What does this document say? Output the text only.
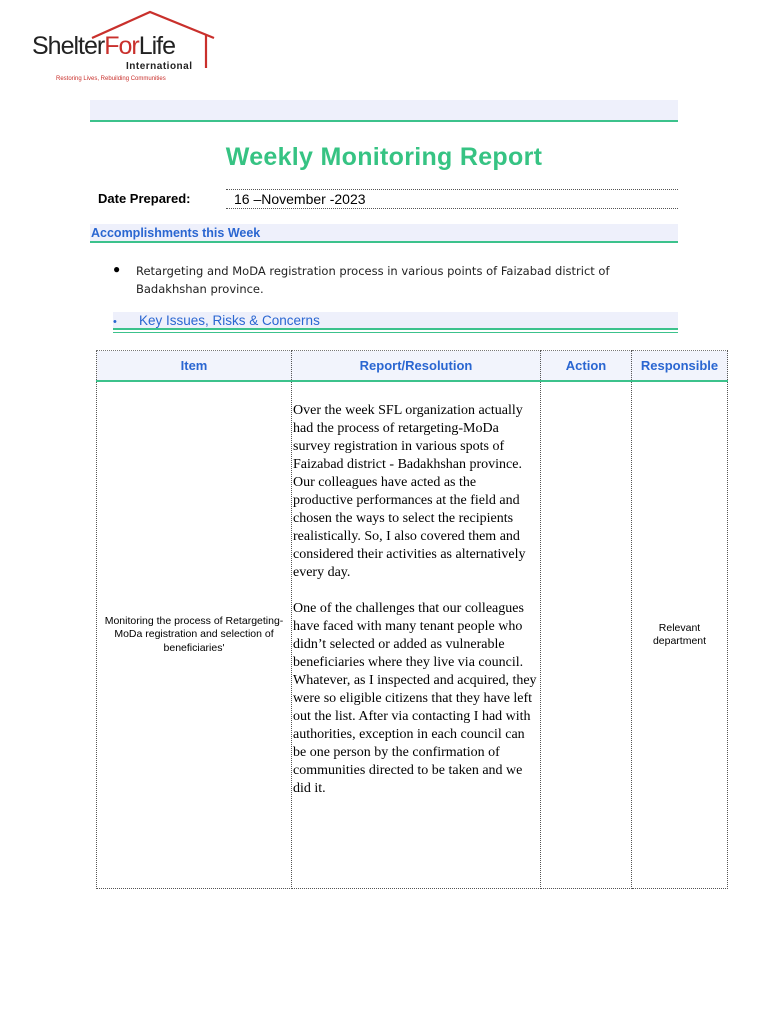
ShelterForLife
International
Restoring Lives, Rebuilding Communities
Weekly Monitoring Report
Date Prepared:	16 –November -2023
Accomplishments this Week
● Retargeting and MoDA registration process in various points of Faizabad district of Badakhshan province.
• Key Issues, Risks & Concerns
Item	Report/Resolution	Action	Responsible
Monitoring the process of Retargeting- MoDa registration and selection of beneficiaries'	Over the week SFL organization actually had the process of retargeting-MoDa survey registration in various spots of Faizabad district - Badakhshan province. Our colleagues have acted as the productive performances at the field and chosen the ways to select the recipients realistically. So, I also covered them and considered their activities as alternatively every day.

One of the challenges that our colleagues have faced with many tenant people who didn’t selected or added as vulnerable beneficiaries where they live via council. Whatever, as I inspected and acquired, they were so eligible citizens that they have left out the list. After via contacting I had with authorities, exception in each council can be one person by the confirmation of communities directed to be taken and we did it.		Relevant department
